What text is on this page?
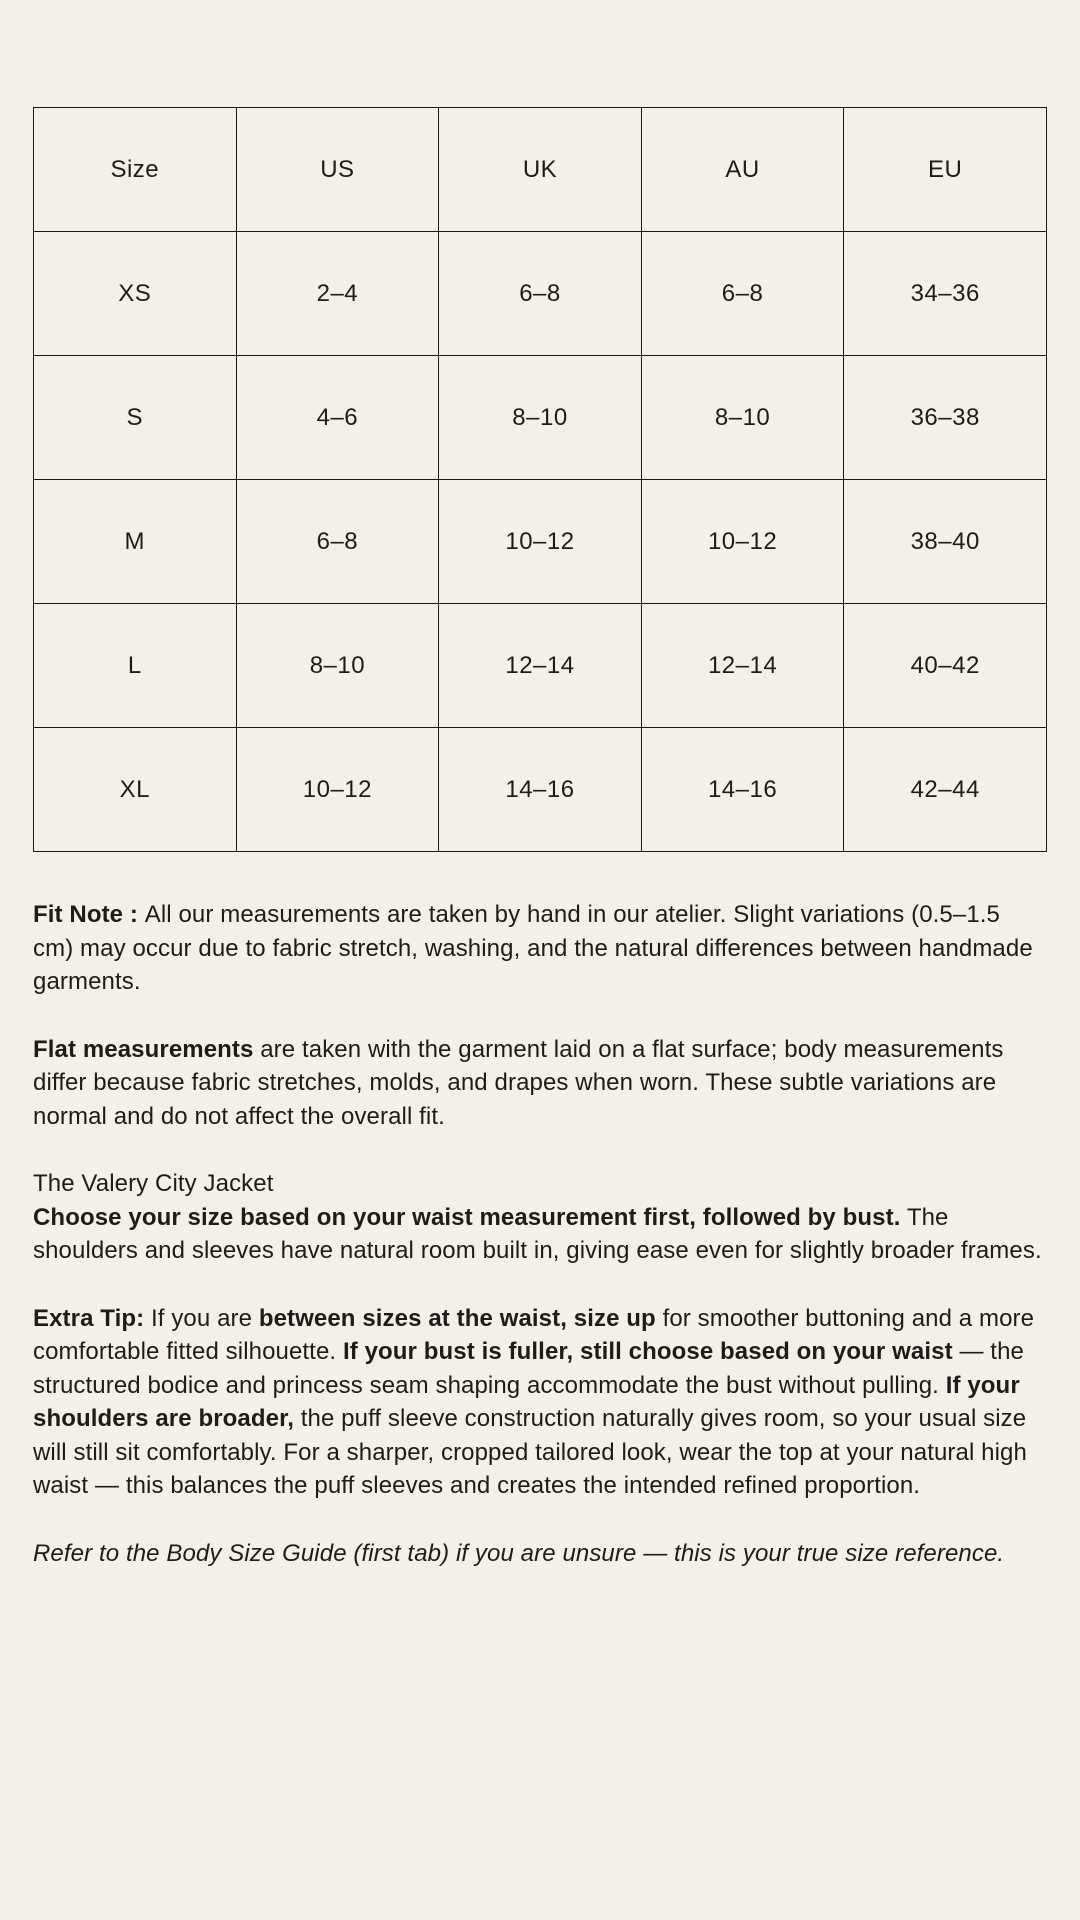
Size	US	UK	AU	EU
XS	2–4	6–8	6–8	34–36
S	4–6	8–10	8–10	36–38
M	6–8	10–12	10–12	38–40
L	8–10	12–14	12–14	40–42
XL	10–12	14–16	14–16	42–44

Fit Note : All our measurements are taken by hand in our atelier. Slight variations (0.5–1.5 cm) may occur due to fabric stretch, washing, and the natural differences between handmade garments.

Flat measurements are taken with the garment laid on a flat surface; body measurements differ because fabric stretches, molds, and drapes when worn. These subtle variations are normal and do not affect the overall fit.

The Valery City Jacket

Choose your size based on your waist measurement first, followed by bust. The shoulders and sleeves have natural room built in, giving ease even for slightly broader frames.

Extra Tip: If you are between sizes at the waist, size up for smoother buttoning and a more comfortable fitted silhouette. If your bust is fuller, still choose based on your waist — the structured bodice and princess seam shaping accommodate the bust without pulling. If your shoulders are broader, the puff sleeve construction naturally gives room, so your usual size will still sit comfortably. For a sharper, cropped tailored look, wear the top at your natural high waist — this balances the puff sleeves and creates the intended refined proportion.

Refer to the Body Size Guide (first tab) if you are unsure — this is your true size reference.
